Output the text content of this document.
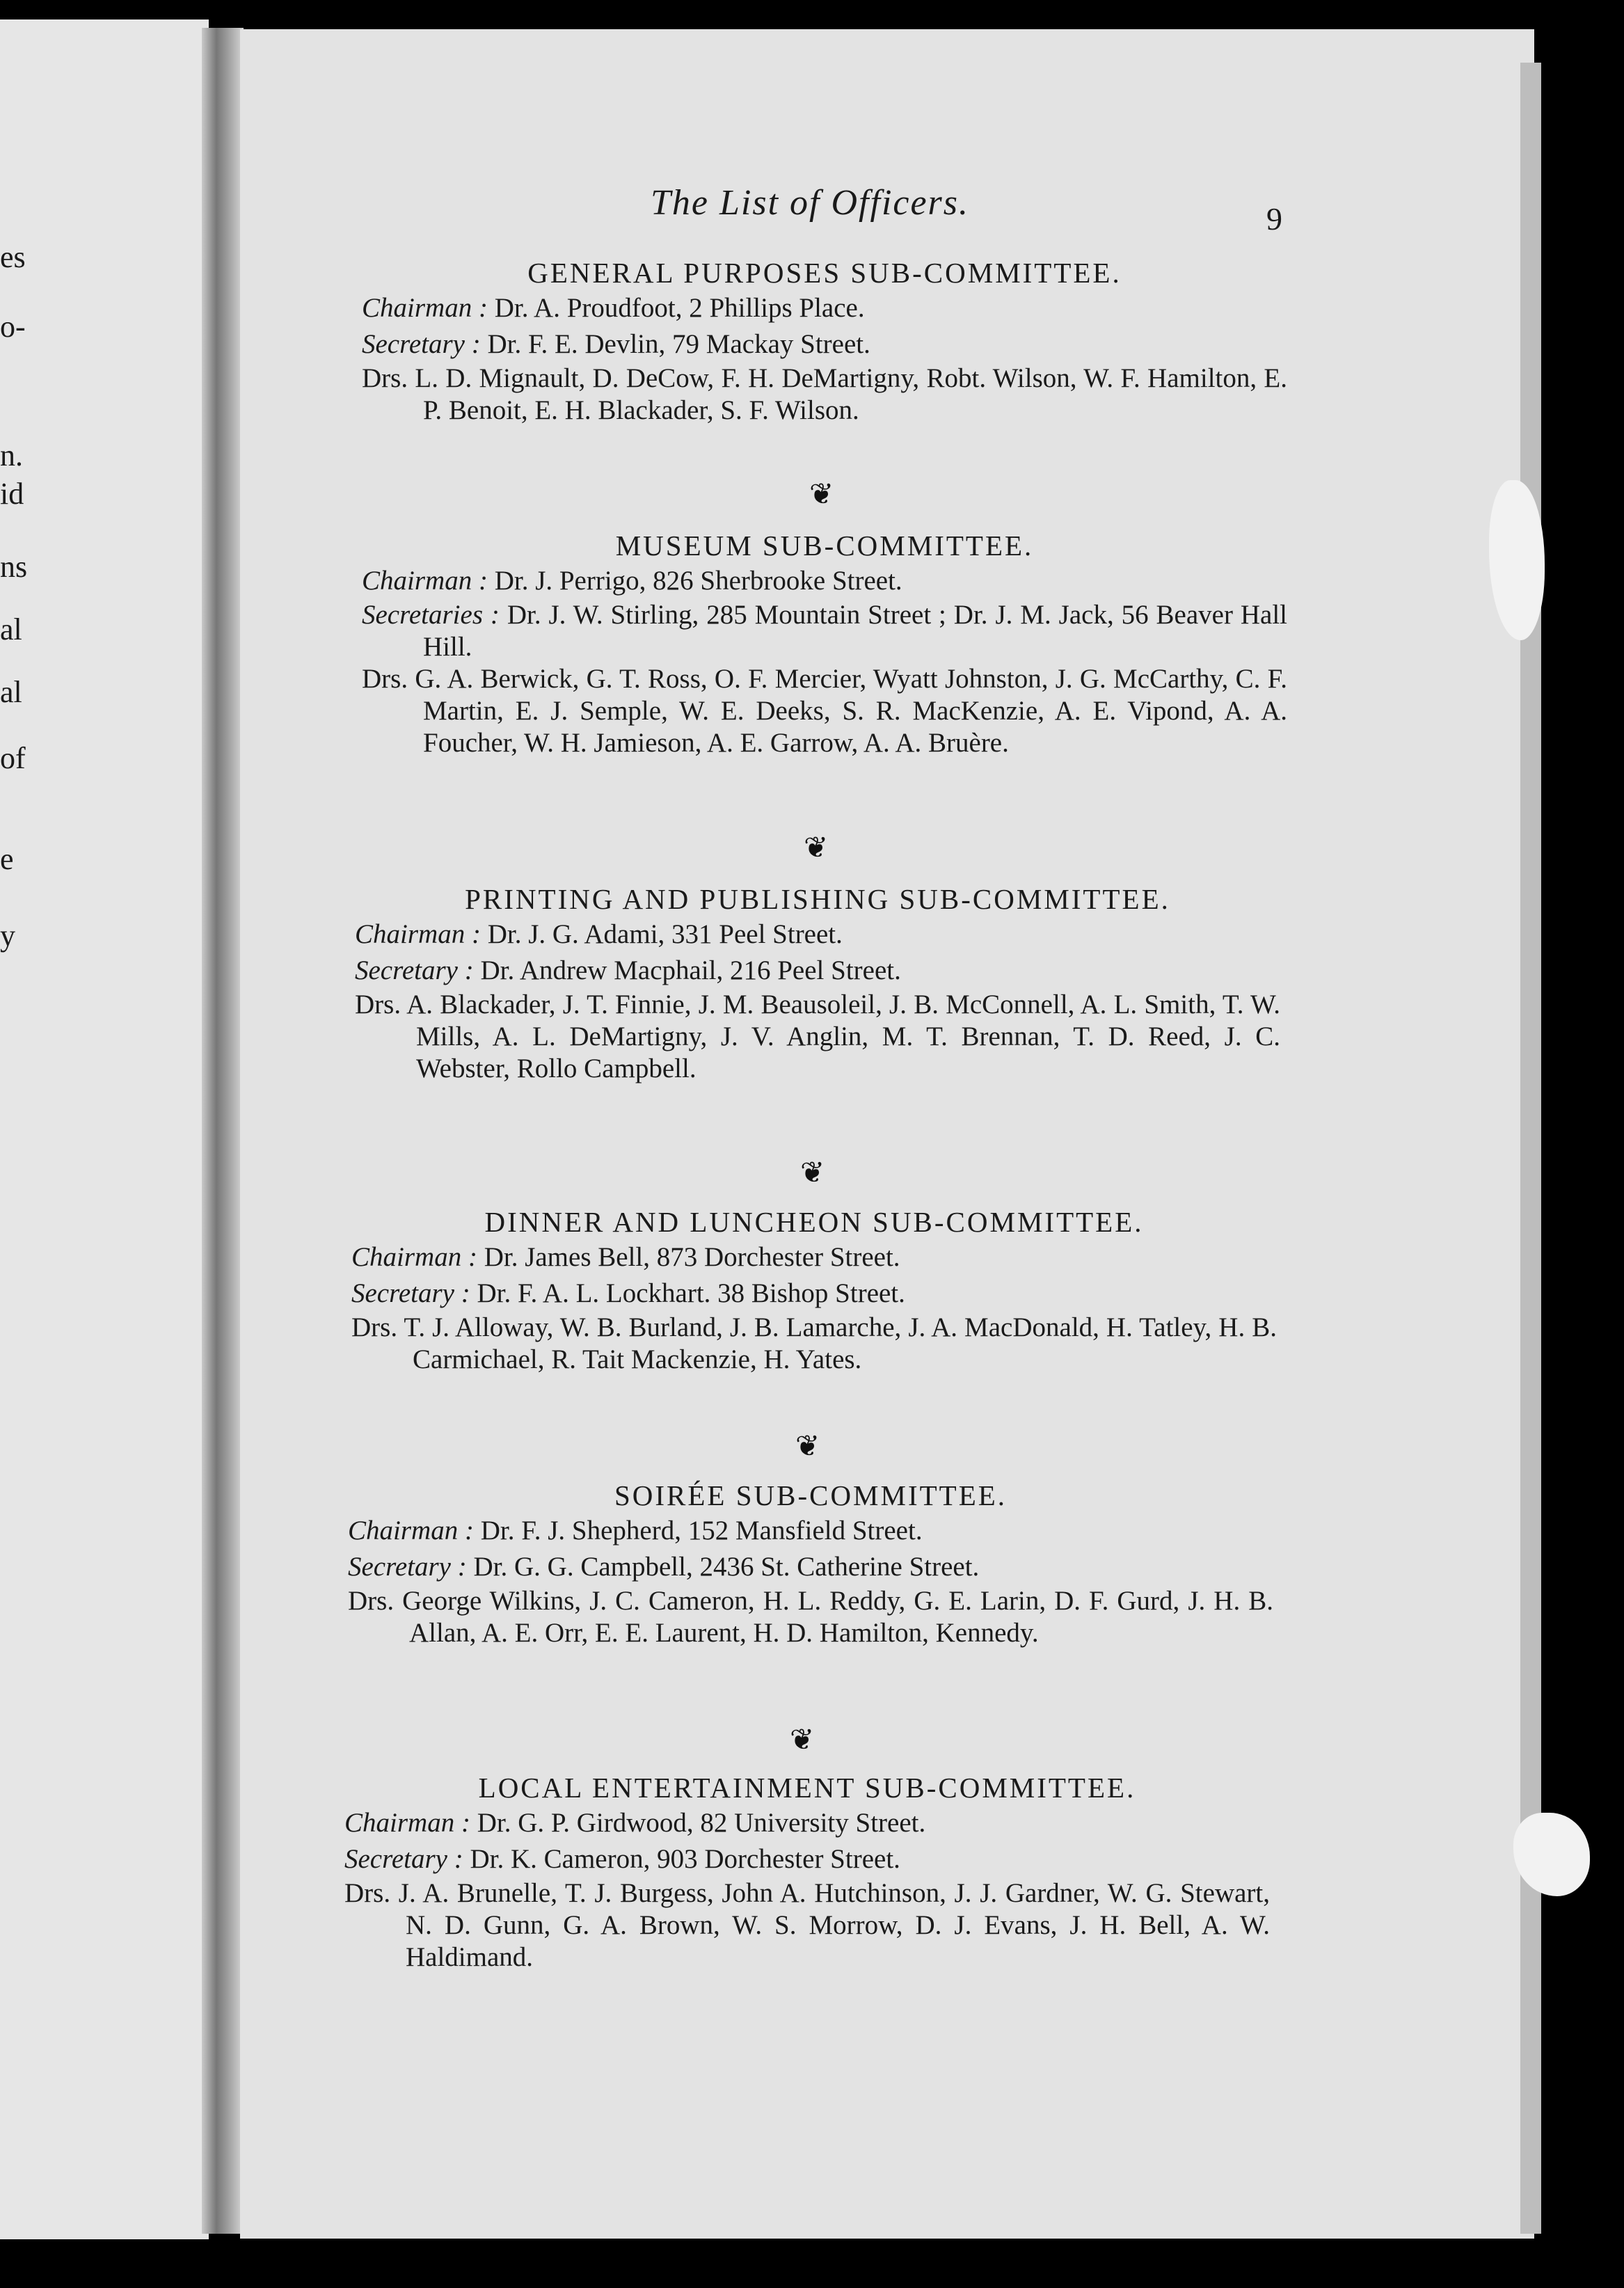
es
o-
n.
id
ns
al
al
of
e
y
The List of Officers.	9
GENERAL PURPOSES SUB-COMMITTEE.

Chairman : Dr. A. Proudfoot, 2 Phillips Place.

Secretary : Dr. F. E. Devlin, 79 Mackay Street.

Drs. L. D. Mignault, D. DeCow, F. H. DeMartigny, Robt. Wilson, W. F. Hamilton, E. P. Benoit, E. H. Blackader, S. F. Wilson.

❦
MUSEUM SUB-COMMITTEE.

Chairman : Dr. J. Perrigo, 826 Sherbrooke Street.

Secretaries : Dr. J. W. Stirling, 285 Mountain Street ; Dr. J. M. Jack, 56 Beaver Hall Hill.

Drs. G. A. Berwick, G. T. Ross, O. F. Mercier, Wyatt Johnston, J. G. McCarthy, C. F. Martin, E. J. Semple, W. E. Deeks, S. R. MacKenzie, A. E. Vipond, A. A. Foucher, W. H. Jamieson, A. E. Garrow, A. A. Bruère.

❦
PRINTING AND PUBLISHING SUB-COMMITTEE.

Chairman : Dr. J. G. Adami, 331 Peel Street.

Secretary : Dr. Andrew Macphail, 216 Peel Street.

Drs. A. Blackader, J. T. Finnie, J. M. Beausoleil, J. B. McConnell, A. L. Smith, T. W. Mills, A. L. DeMartigny, J. V. Anglin, M. T. Brennan, T. D. Reed, J. C. Webster, Rollo Campbell.

❦
DINNER AND LUNCHEON SUB-COMMITTEE.

Chairman : Dr. James Bell, 873 Dorchester Street.

Secretary : Dr. F. A. L. Lockhart. 38 Bishop Street.

Drs. T. J. Alloway, W. B. Burland, J. B. Lamarche, J. A. MacDonald, H. Tatley, H. B. Carmichael, R. Tait Mackenzie, H. Yates.

❦
SOIRÉE SUB-COMMITTEE.

Chairman : Dr. F. J. Shepherd, 152 Mansfield Street.

Secretary : Dr. G. G. Campbell, 2436 St. Catherine Street.

Drs. George Wilkins, J. C. Cameron, H. L. Reddy, G. E. Larin, D. F. Gurd, J. H. B. Allan, A. E. Orr, E. E. Laurent, H. D. Hamilton, Kennedy.

❦
LOCAL ENTERTAINMENT SUB-COMMITTEE.

Chairman : Dr. G. P. Girdwood, 82 University Street.

Secretary : Dr. K. Cameron, 903 Dorchester Street.

Drs. J. A. Brunelle, T. J. Burgess, John A. Hutchinson, J. J. Gardner, W. G. Stewart, N. D. Gunn, G. A. Brown, W. S. Morrow, D. J. Evans, J. H. Bell, A. W. Haldimand.
